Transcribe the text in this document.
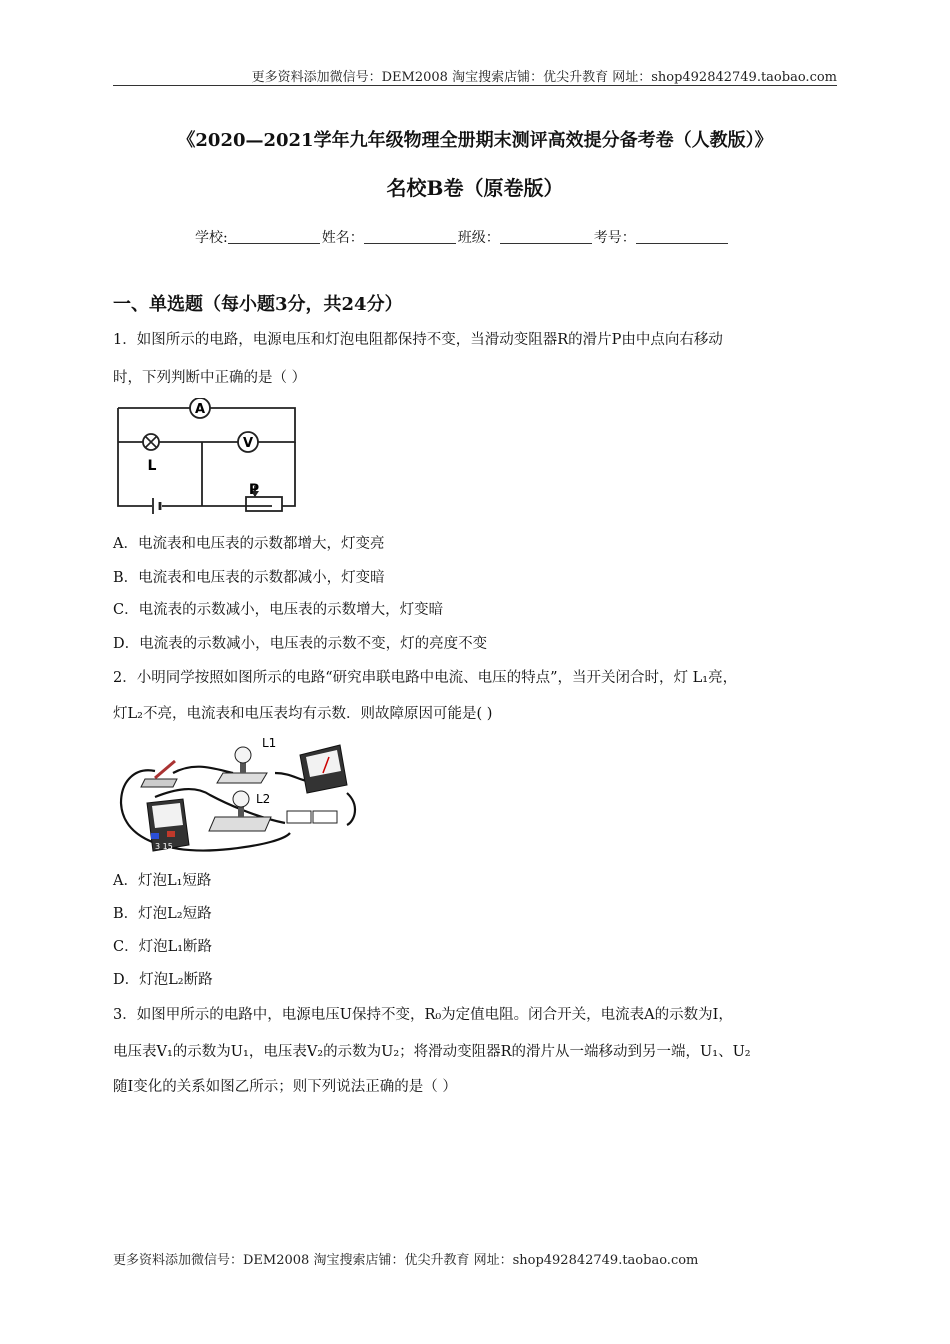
更多资料添加微信号：DEM2008 淘宝搜索店铺：优尖升教育 网址：shop492842749.taobao.com
《2020—2021学年九年级物理全册期末测评高效提分备考卷（人教版）》
名校B卷（原卷版）
学校:	姓名：	班级：	考号：
一、单选题（每小题3分，共24分）
1．如图所示的电路，电源电压和灯泡电阻都保持不变，当滑动变阻器R的滑片P由中点向右移动
时，下列判断中正确的是（ ）
A
V
L
P
A．电流表和电压表的示数都增大，灯变亮
B．电流表和电压表的示数都减小，灯变暗
C．电流表的示数减小，电压表的示数增大，灯变暗
D．电流表的示数减小，电压表的示数不变，灯的亮度不变
2．小明同学按照如图所示的电路“研究串联电路中电流、电压的特点”，当开关闭合时，灯 L₁亮，
灯L₂不亮，电流表和电压表均有示数．则故障原因可能是( )
L1
L2
3 15
A．灯泡L₁短路
B．灯泡L₂短路
C．灯泡L₁断路
D．灯泡L₂断路
3．如图甲所示的电路中，电源电压U保持不变，R₀为定值电阻。闭合开关，电流表A的示数为I，
电压表V₁的示数为U₁，电压表V₂的示数为U₂；将滑动变阻器R的滑片从一端移动到另一端，U₁、U₂
随I变化的关系如图乙所示；则下列说法正确的是（ ）
更多资料添加微信号：DEM2008 淘宝搜索店铺：优尖升教育 网址：shop492842749.taobao.com
